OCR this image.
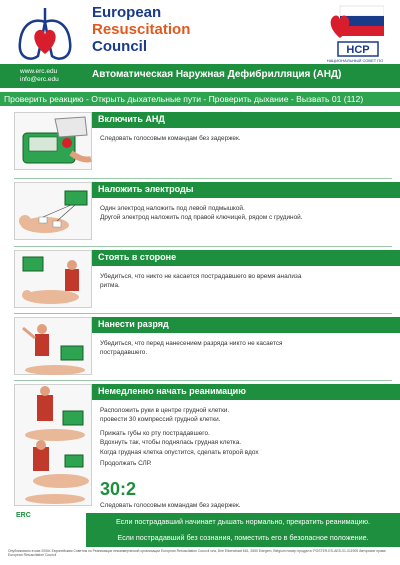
European
Resuscitation
Council	НСР
НАЦИОНАЛЬНЫЙ СОВЕТ ПО
Автоматическая Наружная Дефибрилляция (АНД)
www.erc.edu
info@erc.edu
Проверить реакцию - Открыть дыхательные пути - Проверить дыхание - Вызвать 01 (112)
Включить АНД
Следовать голосовым командам без задержек.
Наложить электроды
Один электрод наложить под левой подмышкой.
Другой электрод наложить под правой ключицей, рядом с грудиной.
Стоять в стороне
Убедиться, что никто не касается пострадавшего во время анализа
ритма.
Нанести разряд
Убедиться, что перед нанесением разряда никто не касается
пострадавшего.
Немедленно начать реанимацию
Расположить руки в центре грудной клетки.
провести 30 компрессий грудной клетки.
Прижать губы ко рту пострадавшего.
Вдохнуть так, чтобы поднялась грудная клетка.
Когда грудная клетка опустится, сделать второй вдох
Продолжать СЛР.
30:2
Следовать голосовым командам без задержек.
ERC
Если пострадавший начинает дышать нормально, прекратить реанимацию.
Если пострадавший без сознания, поместить его в безопасное положение.
Опубликовано в мае 2006г. Европейским Советом по Реанимации некоммерческой организации European Resuscitation Council vzw, Drie Eikenstraat 661, 2650 Edegem, Belgium номер продукта: POSTER-ES-AED-01-011905 Авторские права European Resuscitation Council
